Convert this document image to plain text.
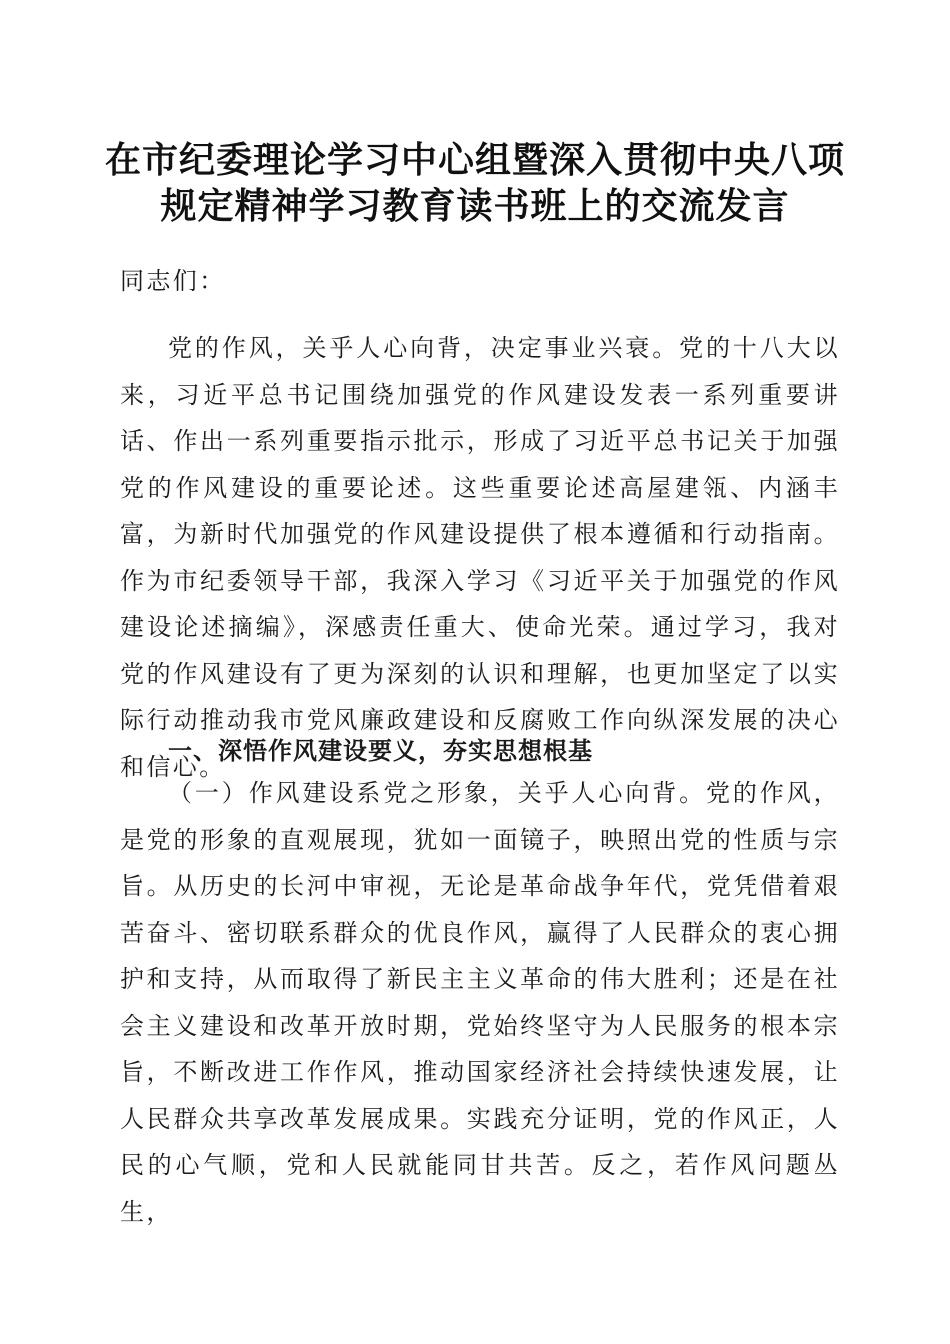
在市纪委理论学习中心组暨深入贯彻中央八项
规定精神学习教育读书班上的交流发言
同志们：
党的作风，关乎人心向背，决定事业兴衰。党的十八大以来，习近平总书记围绕加强党的作风建设发表一系列重要讲话、作出一系列重要指示批示，形成了习近平总书记关于加强党的作风建设的重要论述。这些重要论述高屋建瓴、内涵丰富，为新时代加强党的作风建设提供了根本遵循和行动指南。作为市纪委领导干部，我深入学习《习近平关于加强党的作风建设论述摘编》，深感责任重大、使命光荣。通过学习，我对党的作风建设有了更为深刻的认识和理解，也更加坚定了以实际行动推动我市党风廉政建设和反腐败工作向纵深发展的决心和信心。
一、深悟作风建设要义，夯实思想根基
（一）作风建设系党之形象，关乎人心向背。党的作风，是党的形象的直观展现，犹如一面镜子，映照出党的性质与宗旨。从历史的长河中审视，无论是革命战争年代，党凭借着艰苦奋斗、密切联系群众的优良作风，赢得了人民群众的衷心拥护和支持，从而取得了新民主主义革命的伟大胜利；还是在社会主义建设和改革开放时期，党始终坚守为人民服务的根本宗旨，不断改进工作作风，推动国家经济社会持续快速发展，让人民群众共享改革发展成果。实践充分证明，党的作风正，人民的心气顺，党和人民就能同甘共苦。反之，若作风问题丛生，
